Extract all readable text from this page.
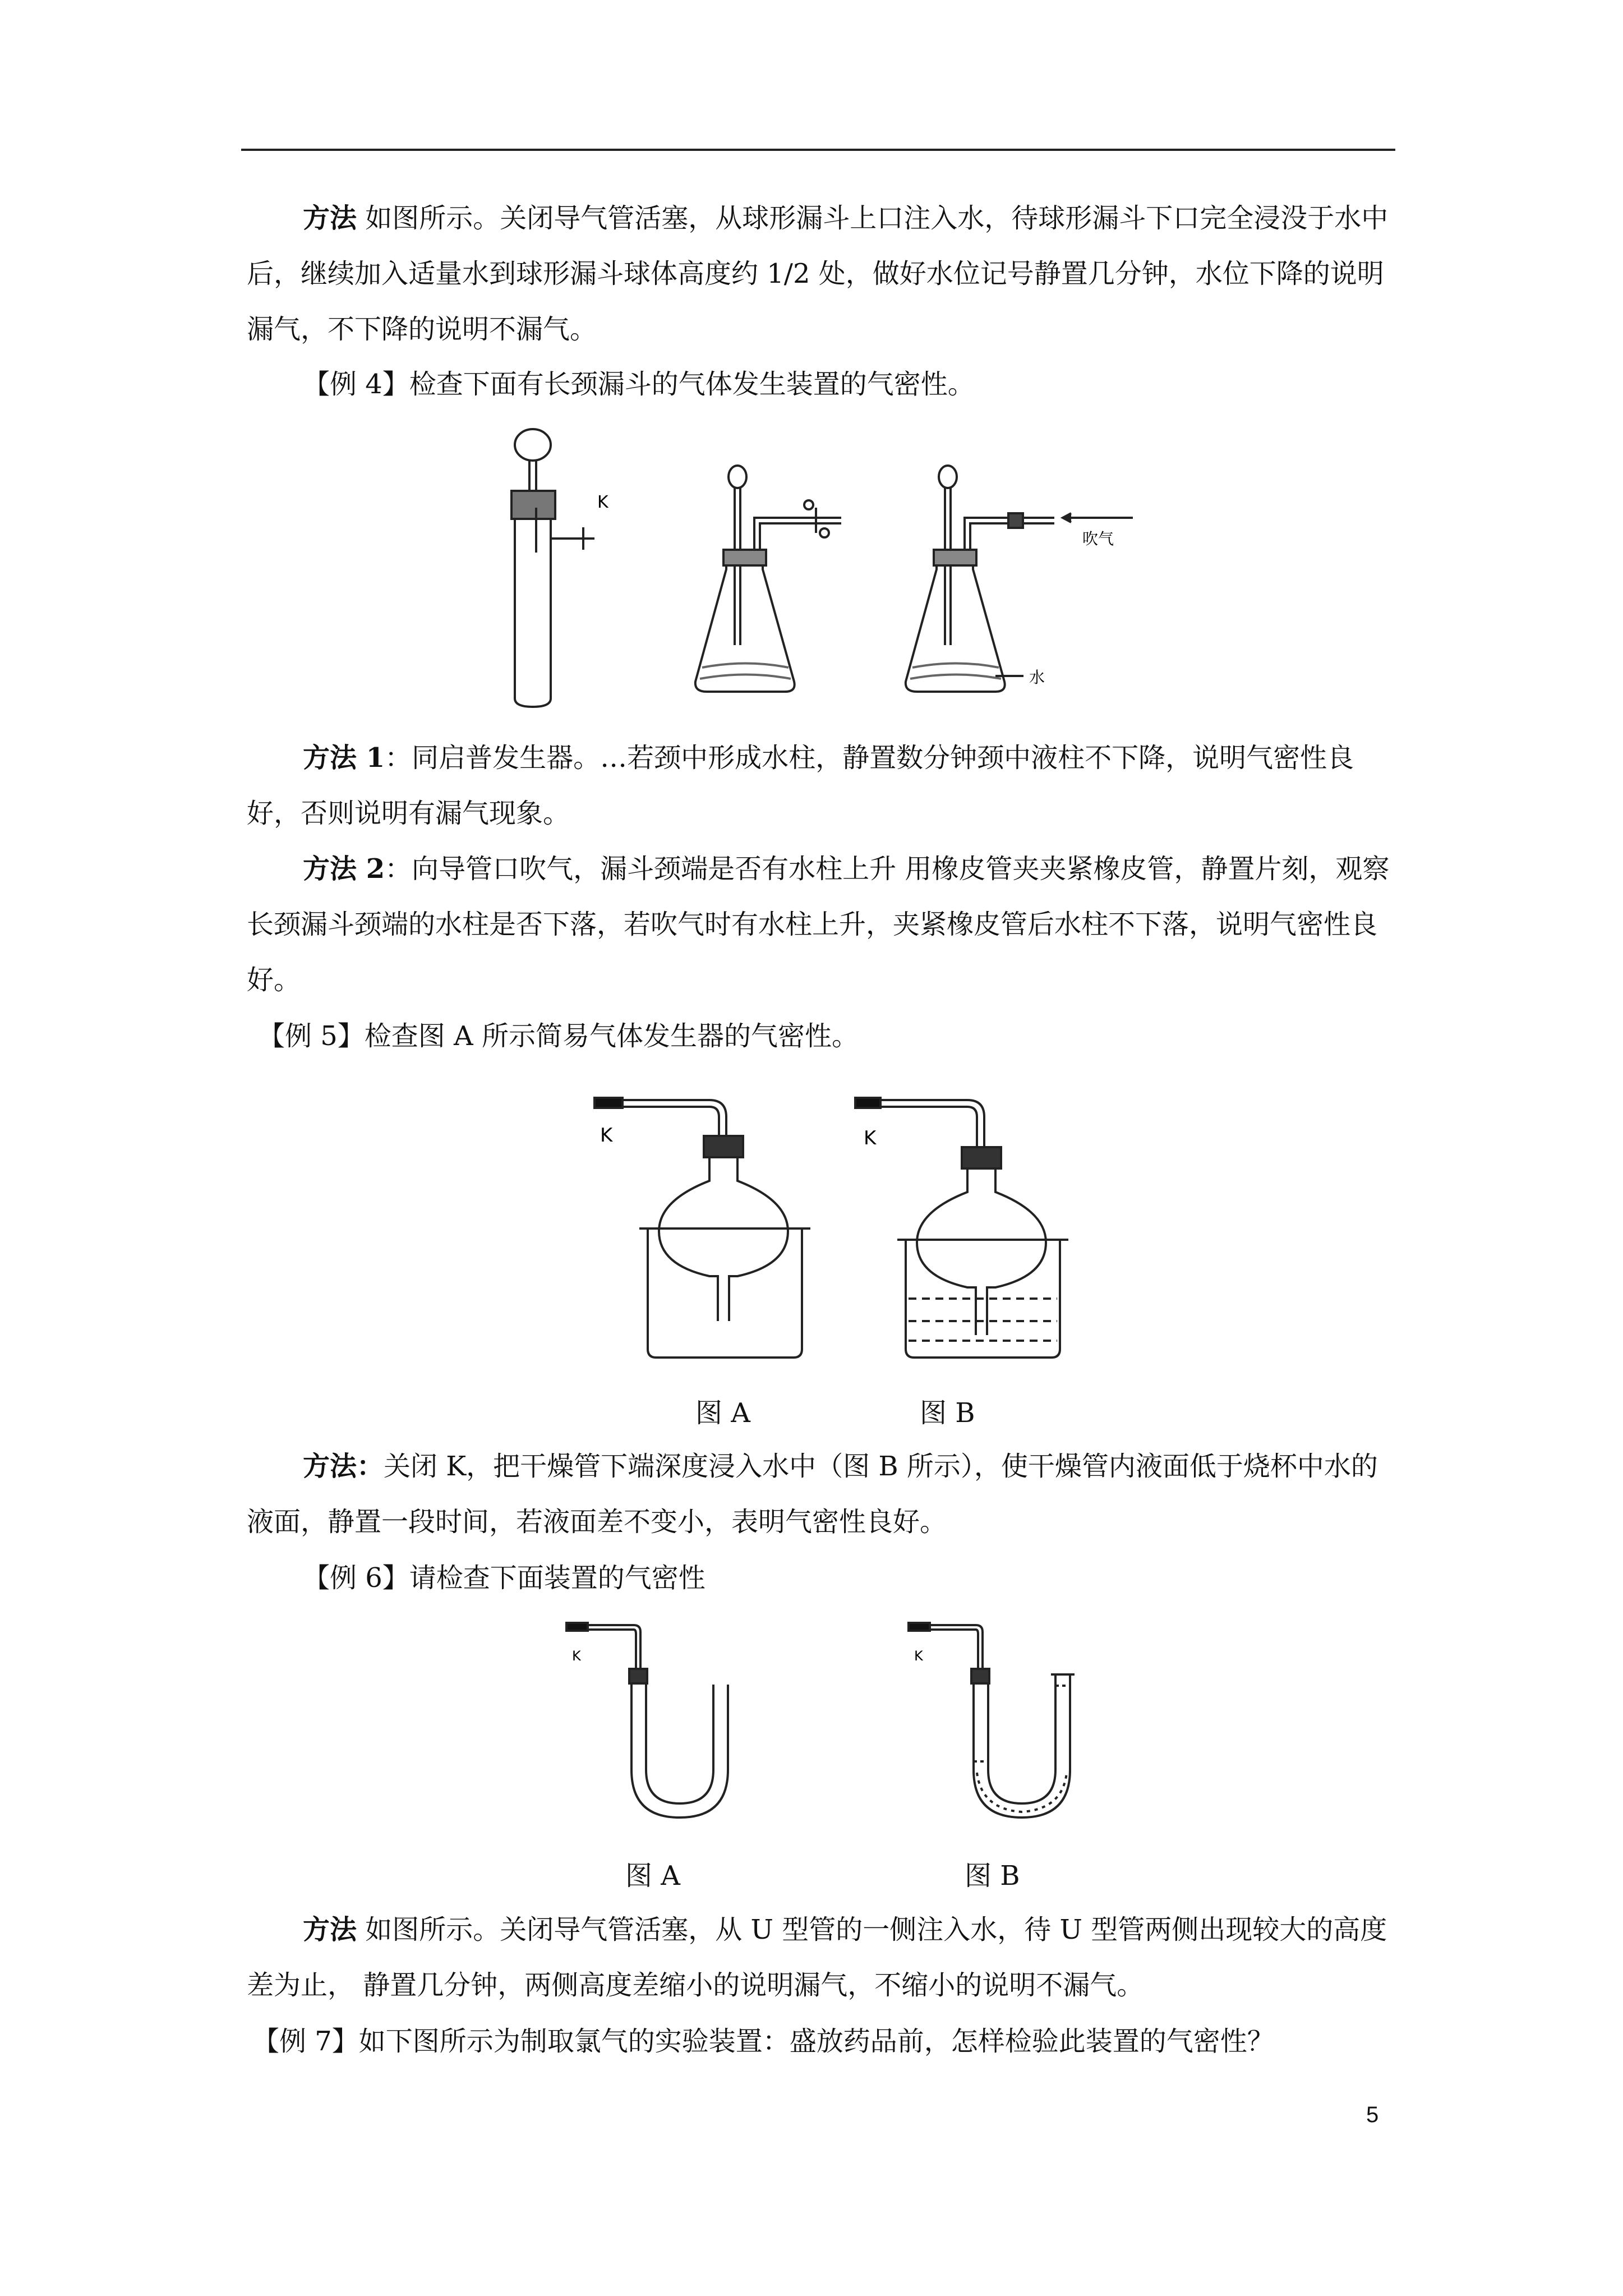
方法 如图所示。关闭导气管活塞，从球形漏斗上口注入水，待球形漏斗下口完全浸没于水中后，继续加入适量水到球形漏斗球体高度约 1/2 处，做好水位记号静置几分钟，水位下降的说明漏气，不下降的说明不漏气。

【例 4】检查下面有长颈漏斗的气体发生装置的气密性。

K
吹气
水

方法 1：同启普发生器。…若颈中形成水柱，静置数分钟颈中液柱不下降，说明气密性良好，否则说明有漏气现象。

方法 2：向导管口吹气，漏斗颈端是否有水柱上升 用橡皮管夹夹紧橡皮管，静置片刻，观察长颈漏斗颈端的水柱是否下落，若吹气时有水柱上升，夹紧橡皮管后水柱不下落，说明气密性良好。

【例 5】检查图 A 所示简易气体发生器的气密性。

K	K
图 A	图 B

方法：关闭 K，把干燥管下端深度浸入水中（图 B 所示），使干燥管内液面低于烧杯中水的液面，静置一段时间，若液面差不变小，表明气密性良好。

【例 6】请检查下面装置的气密性

K	K
图 A	图 B

方法 如图所示。关闭导气管活塞，从 U 型管的一侧注入水，待 U 型管两侧出现较大的高度差为止， 静置几分钟，两侧高度差缩小的说明漏气，不缩小的说明不漏气。

【例 7】如下图所示为制取氯气的实验装置：盛放药品前，怎样检验此装置的气密性？

5
